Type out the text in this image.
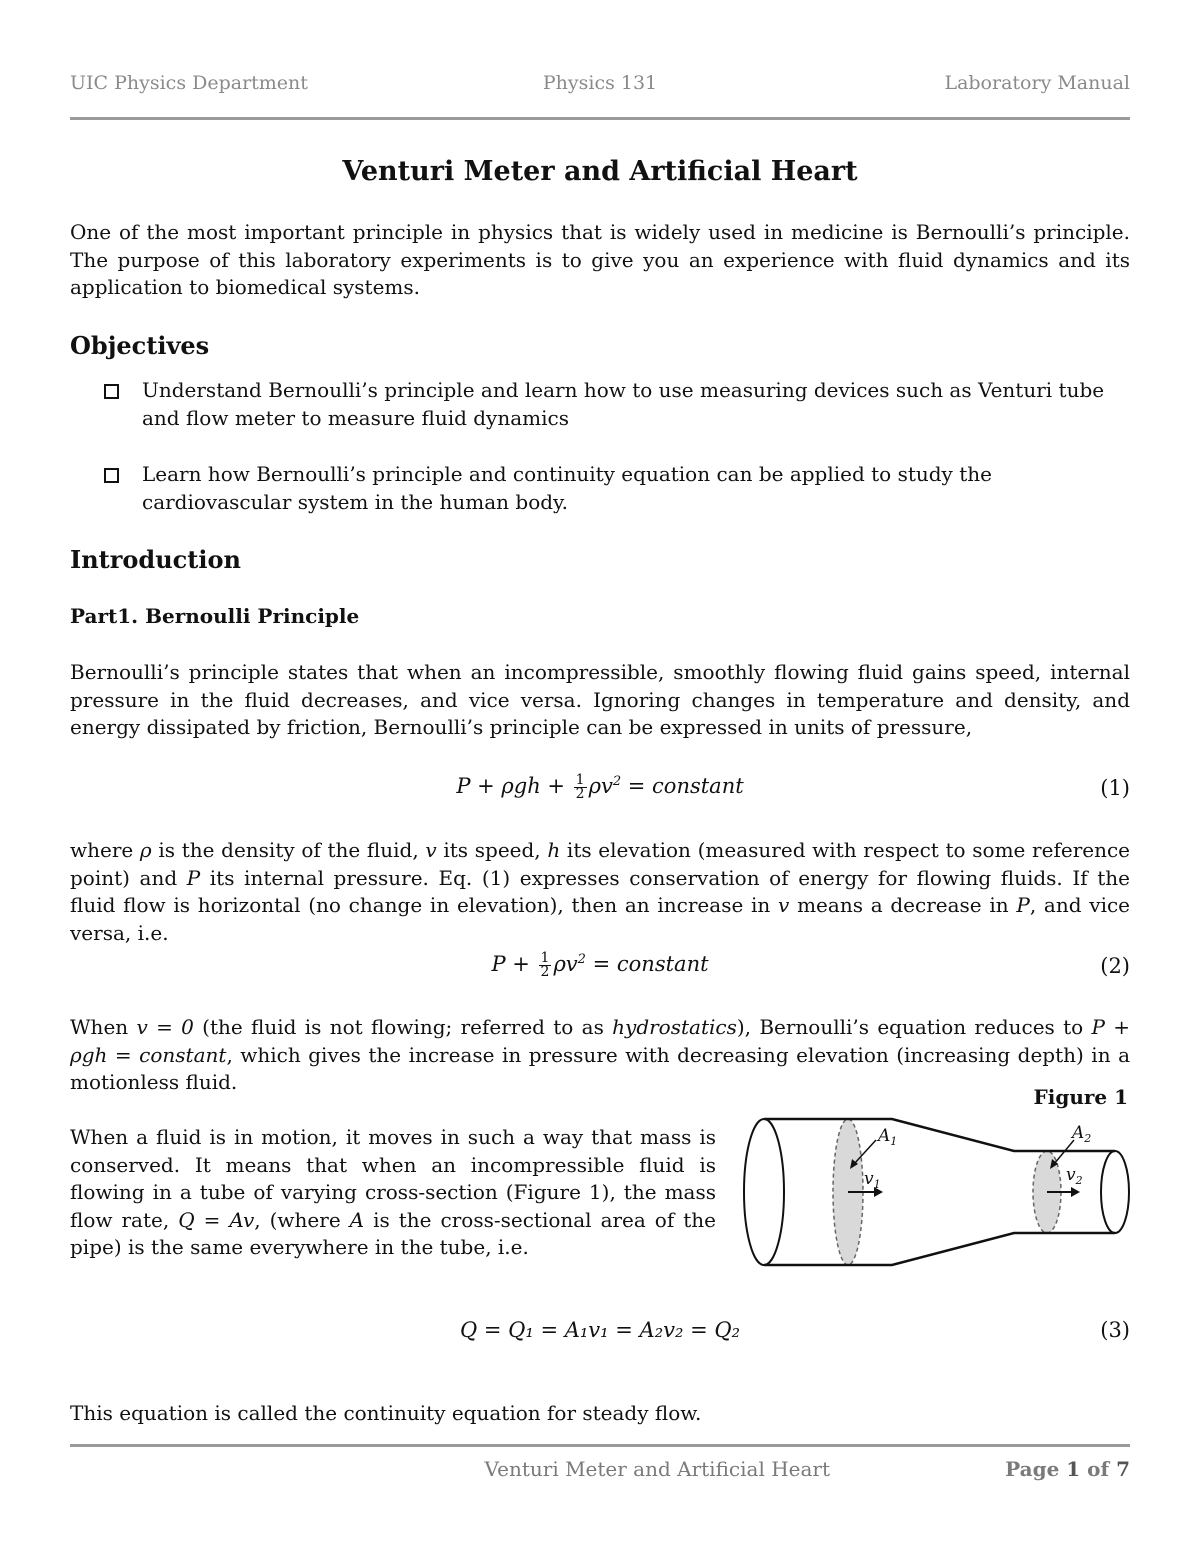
UIC Physics Department	Physics 131	Laboratory Manual
Venturi Meter and Artificial Heart
One of the most important principle in physics that is widely used in medicine is Bernoulli’s principle. The purpose of this laboratory experiments is to give you an experience with fluid dynamics and its application to biomedical systems.
Objectives
Understand Bernoulli’s principle and learn how to use measuring devices such as Venturi tube and flow meter to measure fluid dynamics
Learn how Bernoulli’s principle and continuity equation can be applied to study the cardiovascular system in the human body.
Introduction
Part1. Bernoulli Principle
Bernoulli’s principle states that when an incompressible, smoothly flowing fluid gains speed, internal pressure in the fluid decreases, and vice versa. Ignoring changes in temperature and density, and energy dissipated by friction, Bernoulli’s principle can be expressed in units of pressure,
$P + \rho gh + \frac{1}{2} \rho v^2$ = constant	(1)
where ρ is the density of the fluid, v its speed, h its elevation (measured with respect to some reference point) and P its internal pressure. Eq. (1) expresses conservation of energy for flowing fluids. If the fluid flow is horizontal (no change in elevation), then an increase in v means a decrease in P, and vice versa, i.e.
$P + \frac{1}{2} \rho v^2$ = constant	(2)
When v = 0 (the fluid is not flowing; referred to as hydrostatics), Bernoulli’s equation reduces to P + ρgh = constant, which gives the increase in pressure with decreasing elevation (increasing depth) in a motionless fluid.
Figure 1
When a fluid is in motion, it moves in such a way that mass is conserved. It means that when an incompressible fluid is flowing in a tube of varying cross-section (Figure 1), the mass flow rate, Q = Av, (where A is the cross-sectional area of the pipe) is the same everywhere in the tube, i.e.
$A_1$
$v_1$
$A_2$
$v_2$
Q = Q₁ = A₁v₁ = A₂v₂ = Q₂	(3)
This equation is called the continuity equation for steady flow.
Venturi Meter and Artificial Heart	Page 1 of 7
